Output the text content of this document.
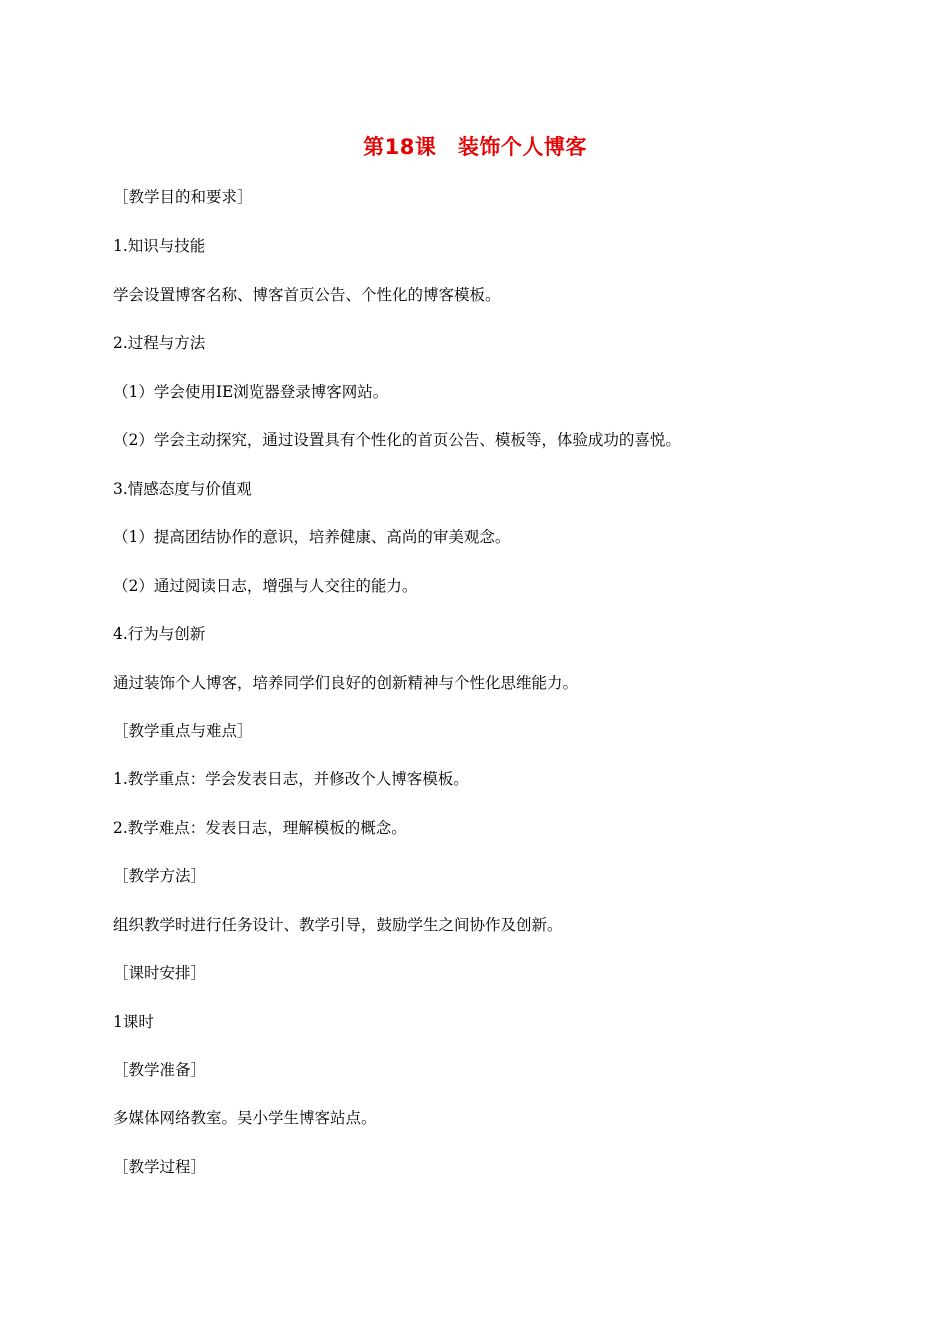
第18课　装饰个人博客
［教学目的和要求］
1.知识与技能
学会设置博客名称、博客首页公告、个性化的博客模板。
2.过程与方法
（1）学会使用IE浏览器登录博客网站。
（2）学会主动探究，通过设置具有个性化的首页公告、模板等，体验成功的喜悦。
3.情感态度与价值观
（1）提高团结协作的意识，培养健康、高尚的审美观念。
（2）通过阅读日志，增强与人交往的能力。
4.行为与创新
通过装饰个人博客，培养同学们良好的创新精神与个性化思维能力。
［教学重点与难点］
1.教学重点：学会发表日志，并修改个人博客模板。
2.教学难点：发表日志，理解模板的概念。
［教学方法］
组织教学时进行任务设计、教学引导，鼓励学生之间协作及创新。
［课时安排］
1课时
［教学准备］
多媒体网络教室。吴小学生博客站点。
［教学过程］
